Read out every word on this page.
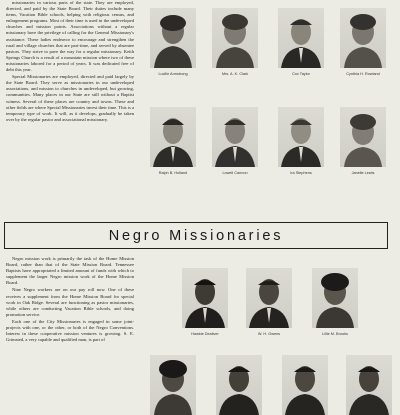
missionaries in various parts of the state. They are employed, directed, and paid by the State Board. Their duties include many items, Vacation Bible schools, helping with religious census, and enlargement programs. Most of their time is used in the undeveloped churches and mission points. Associations without a regular missionary have the privilege of calling for the General Missionary's assistance. These ladies endeavor to encourage and strengthen the rural and village churches that are part-time, and served by absentee pastors. They strive to pave the way for a regular missionary. Keith Springs Church is a result of a mountain mission where two of these missionaries labored for a period of years. It was dedicated free of debt this year.

Special Missionaries are employed, directed and paid largely by the State Board. They serve as missionaries in our undeveloped associations, and mission to churches in undeveloped, but growing, communities. Many places in our State are still without a Baptist witness. Several of these places are country and towns. These and other fields are where Special Missionaries invest their time. This is a temporary type of work. It will, as it develops, gradually be taken over by the regular pastor and associational missionary.

Lucille Armstrong	Mrs. A. K. Clark	Cox Taylor	Cynthia H. Rowland
Ralph B. Holland	Lowell Cannon	Ira Stephens	Janelle Lewis
Negro Missionaries

Negro mission work is primarily the task of the Home Mission Board, rather than that of the State Mission Board. Tennessee Baptists have appropriated a limited amount of funds with which to supplement the larger Negro mission work of the Home Mission Board.

Nine Negro workers are on our pay roll now. One of these receives a supplement from the Home Mission Board for special work in Oak Ridge. Several are functioning as pastor missionaries, while others are conducting Vacation Bible schools, and doing promotion service.

Each one of the City Missionaries is engaged in some joint-projects with one, or the other, or both of the Negro Conventions. Interest in these cooperative mission ventures is growing. S. E. Grimsted, a very capable and qualified man, is part of

Hawkie Dealiver	W. H. Owens	Lillie M. Brooks
